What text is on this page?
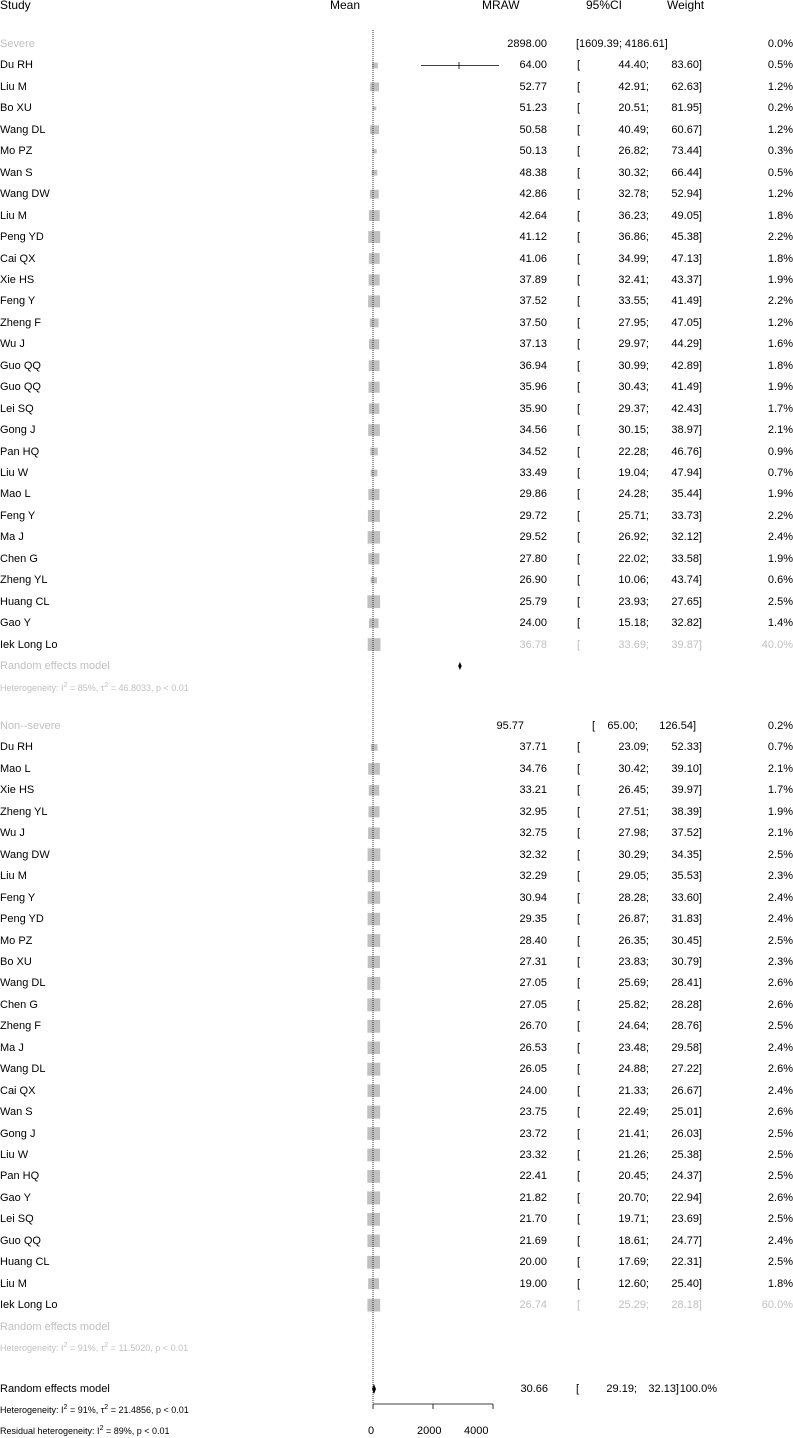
Study	Mean	MRAW	95%CI	Weight
Severe	2898.00	[1609.39; 4186.61]	0.0%
Du RH	64.00	[	44.40;	83.60]	0.5%
Liu M	52.77	[	42.91;	62.63]	1.2%
Bo XU	51.23	[	20.51;	81.95]	0.2%
Wang DL	50.58	[	40.49;	60.67]	1.2%
Mo PZ	50.13	[	26.82;	73.44]	0.3%
Wan S	48.38	[	30.32;	66.44]	0.5%
Wang DW	42.86	[	32.78;	52.94]	1.2%
Liu M	42.64	[	36.23;	49.05]	1.8%
Peng YD	41.12	[	36.86;	45.38]	2.2%
Cai QX	41.06	[	34.99;	47.13]	1.8%
Xie HS	37.89	[	32.41;	43.37]	1.9%
Feng Y	37.52	[	33.55;	41.49]	2.2%
Zheng F	37.50	[	27.95;	47.05]	1.2%
Wu J	37.13	[	29.97;	44.29]	1.6%
Guo QQ	36.94	[	30.99;	42.89]	1.8%
Guo QQ	35.96	[	30.43;	41.49]	1.9%
Lei SQ	35.90	[	29.37;	42.43]	1.7%
Gong J	34.56	[	30.15;	38.97]	2.1%
Pan HQ	34.52	[	22.28;	46.76]	0.9%
Liu W	33.49	[	19.04;	47.94]	0.7%
Mao L	29.86	[	24.28;	35.44]	1.9%
Feng Y	29.72	[	25.71;	33.73]	2.2%
Ma J	29.52	[	26.92;	32.12]	2.4%
Chen G	27.80	[	22.02;	33.58]	1.9%
Zheng YL	26.90	[	10.06;	43.74]	0.6%
Huang CL	25.79	[	23.93;	27.65]	2.5%
Gao Y	24.00	[	15.18;	32.82]	1.4%
Iek Long Lo	36.78	[	33.69;	39.87]	40.0%
Random effects model
Heterogeneity: $I^2 = 85\%$, $\tau^2 = 46.8033$, p < 0.01
Non‑‑severe	95.77	[	65.00;	126.54]	0.2%
Du RH	37.71	[	23.09;	52.33]	0.7%
Mao L	34.76	[	30.42;	39.10]	2.1%
Xie HS	33.21	[	26.45;	39.97]	1.7%
Zheng YL	32.95	[	27.51;	38.39]	1.9%
Wu J	32.75	[	27.98;	37.52]	2.1%
Wang DW	32.32	[	30.29;	34.35]	2.5%
Liu M	32.29	[	29.05;	35.53]	2.3%
Feng Y	30.94	[	28.28;	33.60]	2.4%
Peng YD	29.35	[	26.87;	31.83]	2.4%
Mo PZ	28.40	[	26.35;	30.45]	2.5%
Bo XU	27.31	[	23.83;	30.79]	2.3%
Wang DL	27.05	[	25.69;	28.41]	2.6%
Chen G	27.05	[	25.82;	28.28]	2.6%
Zheng F	26.70	[	24.64;	28.76]	2.5%
Ma J	26.53	[	23.48;	29.58]	2.4%
Wang DL	26.05	[	24.88;	27.22]	2.6%
Cai QX	24.00	[	21.33;	26.67]	2.4%
Wan S	23.75	[	22.49;	25.01]	2.6%
Gong J	23.72	[	21.41;	26.03]	2.5%
Liu W	23.32	[	21.26;	25.38]	2.5%
Pan HQ	22.41	[	20.45;	24.37]	2.5%
Gao Y	21.82	[	20.70;	22.94]	2.6%
Lei SQ	21.70	[	19.71;	23.69]	2.5%
Guo QQ	21.69	[	18.61;	24.77]	2.4%
Huang CL	20.00	[	17.69;	22.31]	2.5%
Liu M	19.00	[	12.60;	25.40]	1.8%
Iek Long Lo	26.74	[	25.29;	28.18]	60.0%
Random effects model
Heterogeneity: $I^2 = 91\%$, $\tau^2 = 11.5020$, p < 0.01
Random effects model	30.66	[	29.19;	32.13] 100.0%
Heterogeneity: $I^2 = 91\%$, $\tau^2 = 21.4856$, p < 0.01
Residual heterogeneity: $I^2 = 89\%$, p < 0.01	0	2000 4000
